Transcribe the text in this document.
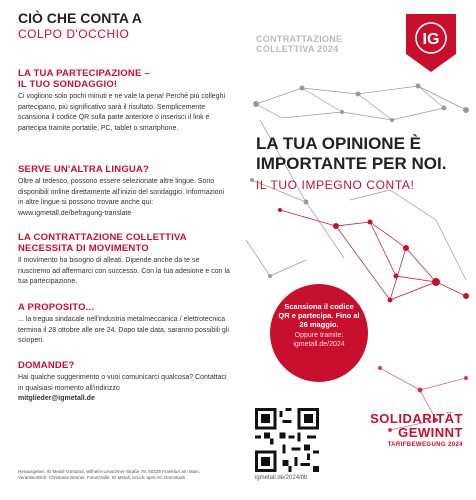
CIÒ CHE CONTA A

COLPO D'OCCHIO

LA TUA PARTECIPAZIONE –
IL TUO SONDAGGIO!

Ci vogliono solo pochi minuti e ne vale la pena! Perché più colleghi partecipano, più significativo sarà il risultato. Semplicemente scansiona il codice QR sulla parte anteriore o inserisci il link e partecipa tramite portatile, PC, tablet o smartphone.

SERVE UN'ALTRA LINGUA?

Oltre al tedesco, possono essere selezionate altre lingue. Sono disponibili online direttamente all'inizio del sondaggio. Informazioni in altre lingue si possono trovare anche qui: www.igmetall.de/befragung-translate

LA CONTRATTAZIONE COLLETTIVA
NECESSITA DI MOVIMENTO

Il movimento ha bisogno di alleati. Dipende anche da te se riusciremo ad affermarci con successo. Con la tua adesione e con la tua partecipazione.

A PROPOSITO...

... la tregua sindacale nell'industria metalmeccanica / elettrotecnica termina il 28 ottobre alle ore 24. Dopo tale data, saranno possibili gli scioperi.

DOMANDE?

Hai qualche suggerimento o vuoi comunicarci qualcosa? Contattaci in qualsiasi momento all'indirizzo
mitglieder@igmetall.de

Herausgeber: IG Metall Vorstand, Wilhelm-Leuschner-Straße 79, 60329 Frankfurt am Main, Verantwortlich: Christiane Benner, Foto/Grafik: IG Metall, Druck: apm AG Darmstadt
CONTRATTAZIONE
COLLETTIVA 2024
IG

LA TUA OPINIONE È
IMPORTANTE PER NOI.

IL TUO IMPEGNO CONTA!

Scansiona il codice QR e partecipa. Fino al 26 maggio.

Oppure tramite: igmetall.de/2024

igmetall.de/2024/bb

SOLIDARITÄT

GEWINNT

TARIFBEWEGUNG 2024
